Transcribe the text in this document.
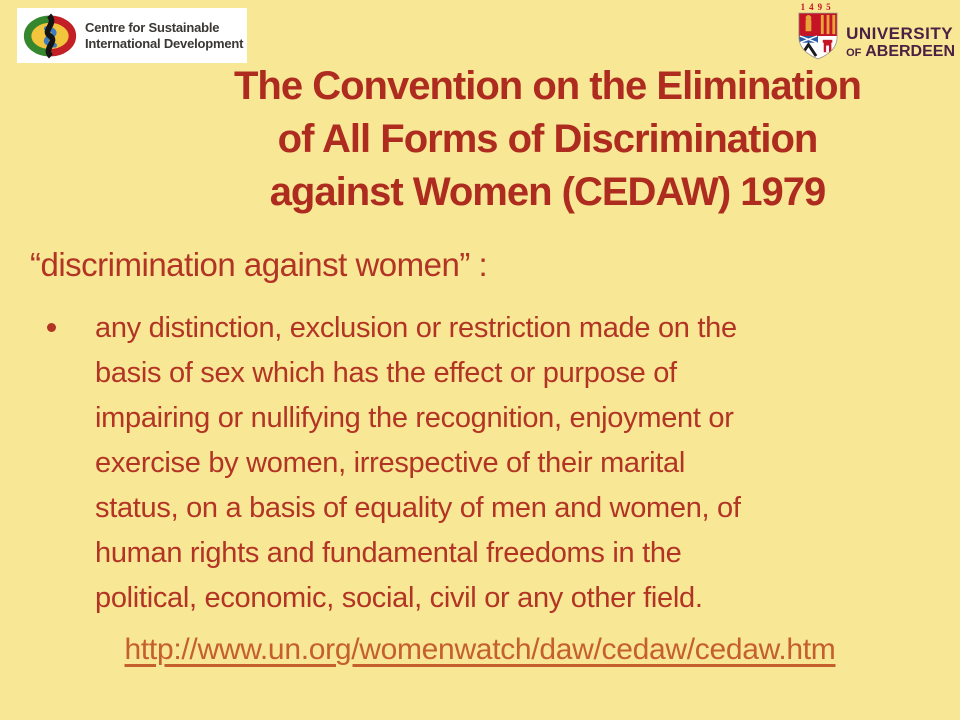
Centre for Sustainable
International Development
1495
UNIVERSITY
OF ABERDEEN
The Convention on the Elimination
of All Forms of Discrimination
against Women (CEDAW) 1979
“discrimination against women” :
any distinction, exclusion or restriction made on the
basis of sex which has the effect or purpose of
impairing or nullifying the recognition, enjoyment or
exercise by women, irrespective of their marital
status, on a basis of equality of men and women, of
human rights and fundamental freedoms in the
political, economic, social, civil or any other field.
http://www.un.org/womenwatch/daw/cedaw/cedaw.htm
